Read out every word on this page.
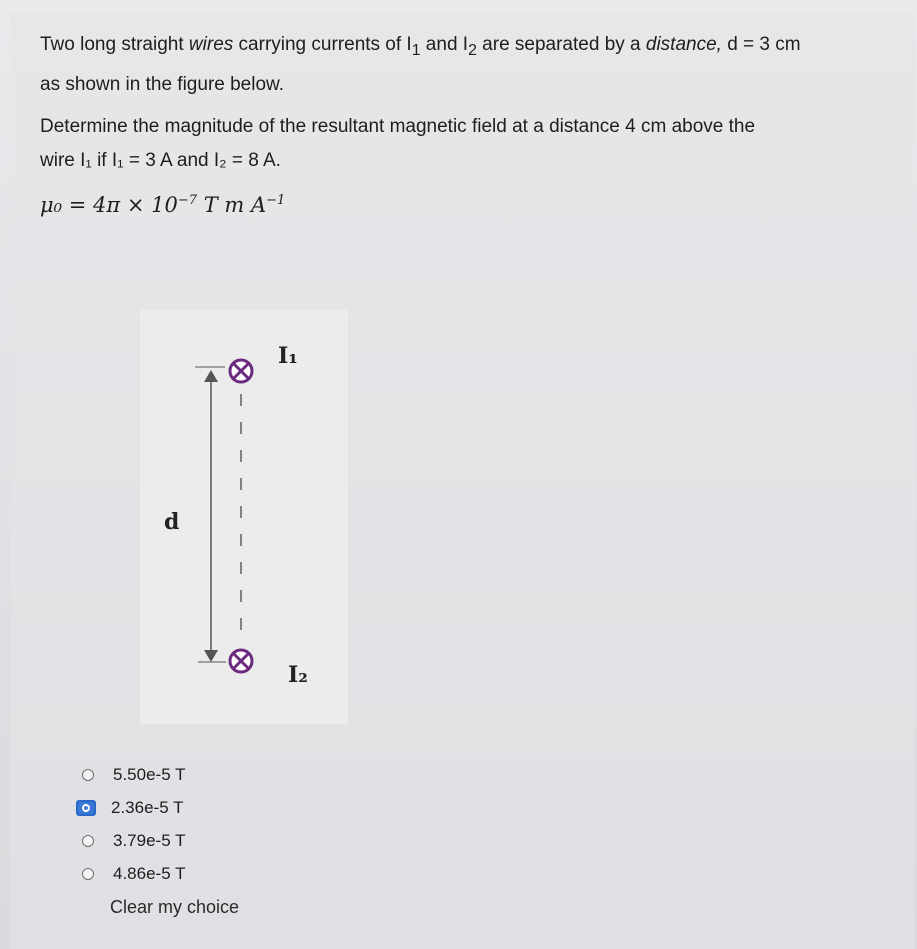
Two long straight wires carrying currents of $I_1$ and $I_2$ are separated by a distance, d = 3 cm
as shown in the figure below.
Determine the magnitude of the resultant magnetic field at a distance 4 cm above the
wire I₁ if I₁ = 3 A and I₂ = 8 A.
$\mu_0 = 4\pi \times 10^{-7}$ T m $A^{-1}$
I₁
I₂
d
5.50e-5 T
2.36e-5 T
3.79e-5 T
4.86e-5 T
Clear my choice
